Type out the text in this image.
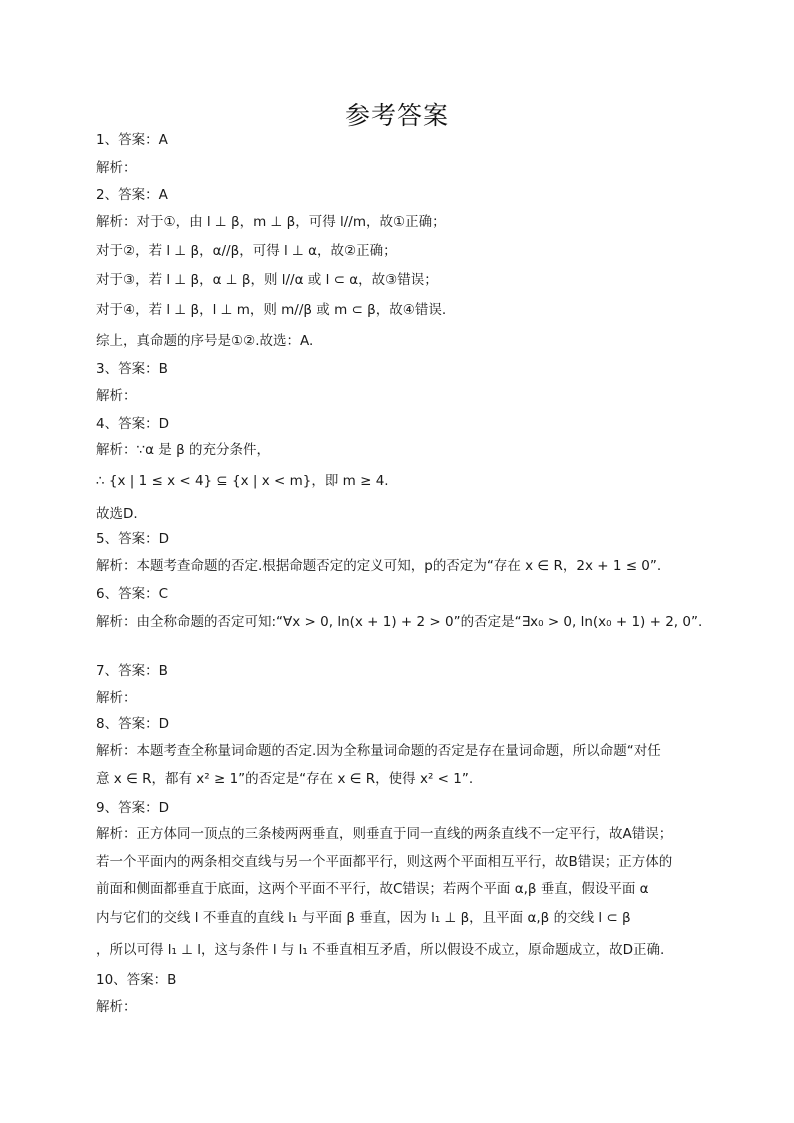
参考答案
1、答案：A
解析：
2、答案：A
解析：对于①，由 l ⊥ β，m ⊥ β，可得 l//m，故①正确；
对于②，若 l ⊥ β，α//β，可得 l ⊥ α，故②正确；
对于③，若 l ⊥ β，α ⊥ β，则 l//α 或 l ⊂ α，故③错误；
对于④，若 l ⊥ β，l ⊥ m，则 m//β 或 m ⊂ β，故④错误.
综上，真命题的序号是①②.故选：A.
3、答案：B
解析：
4、答案：D
解析：∵α 是 β 的充分条件，
∴ {x | 1 ≤ x < 4} ⊆ {x | x < m}，即 m ≥ 4.
故选D.
5、答案：D
解析：本题考查命题的否定.根据命题否定的定义可知，p的否定为“存在 x ∈ R，2x + 1 ≤ 0”.
6、答案：C
解析：由全称命题的否定可知:“∀x > 0, ln(x + 1) + 2 > 0”的否定是“∃x₀ > 0, ln(x₀ + 1) + 2, 0”.
7、答案：B
解析：
8、答案：D
解析：本题考查全称量词命题的否定.因为全称量词命题的否定是存在量词命题，所以命题“对任
意 x ∈ R，都有 x² ≥ 1”的否定是“存在 x ∈ R，使得 x² < 1”.
9、答案：D
解析：正方体同一顶点的三条棱两两垂直，则垂直于同一直线的两条直线不一定平行，故A错误；
若一个平面内的两条相交直线与另一个平面都平行，则这两个平面相互平行，故B错误；正方体的
前面和侧面都垂直于底面，这两个平面不平行，故C错误；若两个平面 α,β 垂直，假设平面 α
内与它们的交线 l 不垂直的直线 l₁ 与平面 β 垂直，因为 l₁ ⊥ β，且平面 α,β 的交线 l ⊂ β
，所以可得 l₁ ⊥ l，这与条件 l 与 l₁ 不垂直相互矛盾，所以假设不成立，原命题成立，故D正确.
10、答案：B
解析：
